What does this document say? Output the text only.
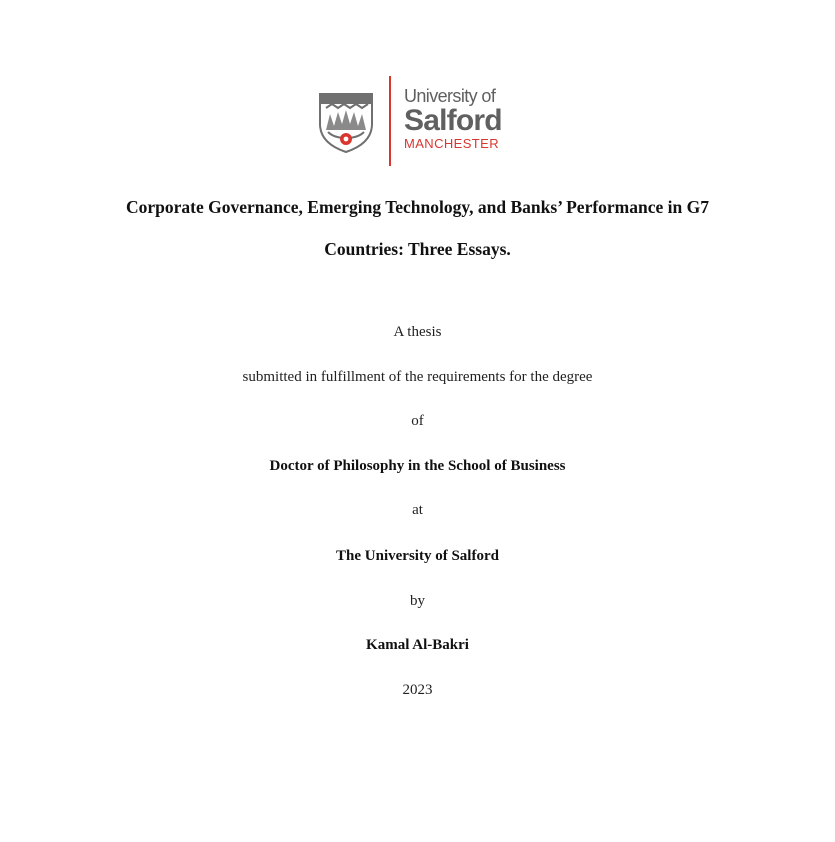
University of
Salford
MANCHESTER
Corporate Governance, Emerging Technology, and Banks’ Performance in G7
Countries: Three Essays.
A thesis
submitted in fulfillment of the requirements for the degree
of
Doctor of Philosophy in the School of Business
at
The University of Salford
by
Kamal Al-Bakri
2023
